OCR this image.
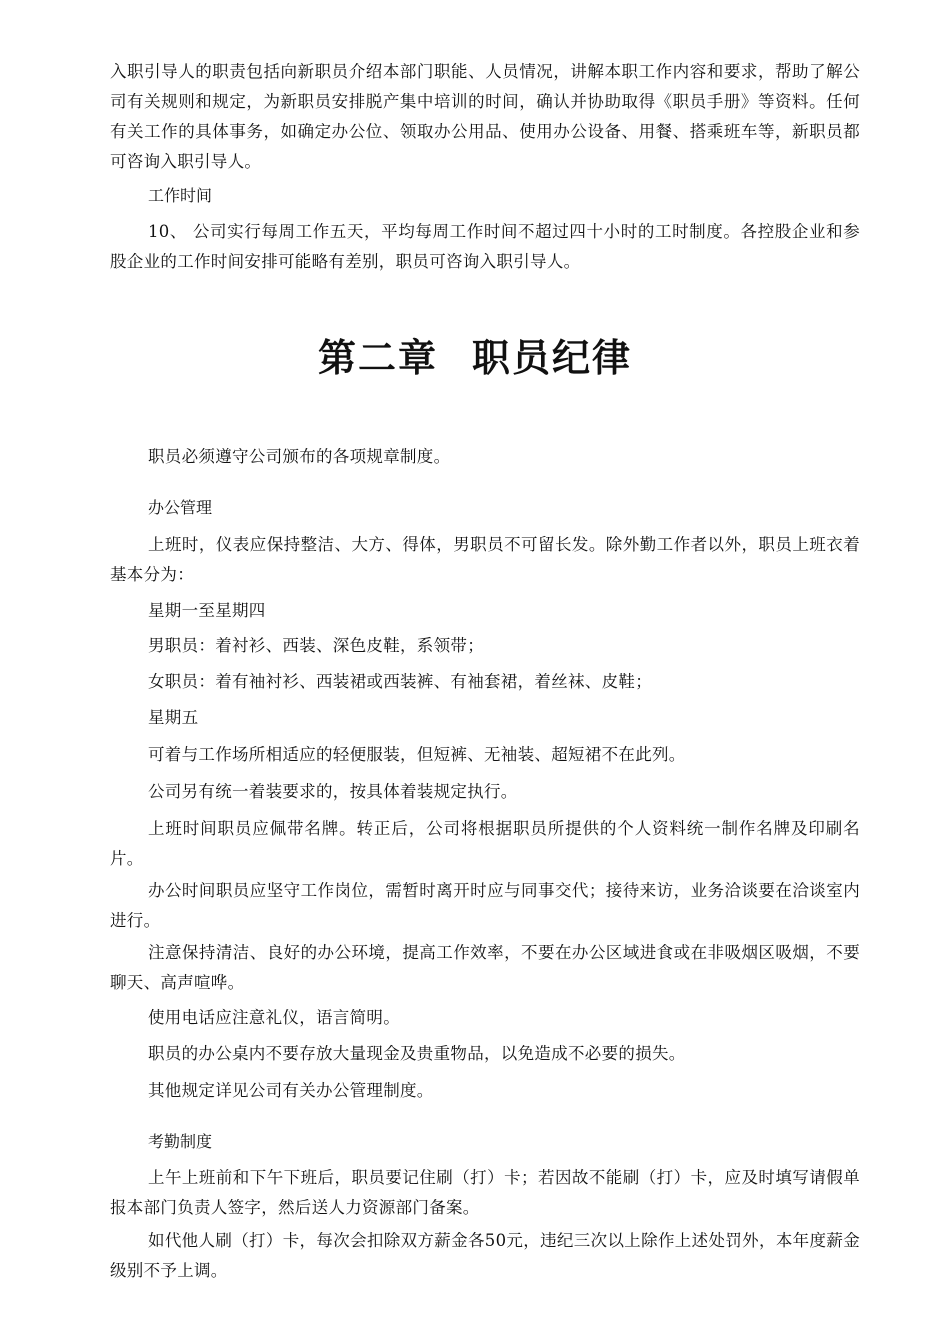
入职引导人的职责包括向新职员介绍本部门职能、人员情况，讲解本职工作内容和要求，帮助了解公司有关规则和规定，为新职员安排脱产集中培训的时间，确认并协助取得《职员手册》等资料。任何有关工作的具体事务，如确定办公位、领取办公用品、使用办公设备、用餐、搭乘班车等，新职员都可咨询入职引导人。

工作时间

10、 公司实行每周工作五天，平均每周工作时间不超过四十小时的工时制度。各控股企业和参股企业的工作时间安排可能略有差别，职员可咨询入职引导人。

第二章 职员纪律

职员必须遵守公司颁布的各项规章制度。

办公管理

上班时，仪表应保持整洁、大方、得体，男职员不可留长发。除外勤工作者以外，职员上班衣着基本分为：

星期一至星期四

男职员：着衬衫、西装、深色皮鞋，系领带；

女职员：着有袖衬衫、西装裙或西装裤、有袖套裙，着丝袜、皮鞋；

星期五

可着与工作场所相适应的轻便服装，但短裤、无袖装、超短裙不在此列。

公司另有统一着装要求的，按具体着装规定执行。

上班时间职员应佩带名牌。转正后，公司将根据职员所提供的个人资料统一制作名牌及印刷名片。

办公时间职员应坚守工作岗位，需暂时离开时应与同事交代；接待来访，业务洽谈要在洽谈室内进行。

注意保持清洁、良好的办公环境，提高工作效率，不要在办公区域进食或在非吸烟区吸烟，不要聊天、高声喧哗。

使用电话应注意礼仪，语言简明。

职员的办公桌内不要存放大量现金及贵重物品，以免造成不必要的损失。

其他规定详见公司有关办公管理制度。

考勤制度

上午上班前和下午下班后，职员要记住刷（打）卡；若因故不能刷（打）卡，应及时填写请假单报本部门负责人签字，然后送人力资源部门备案。

如代他人刷（打）卡，每次会扣除双方薪金各50元，违纪三次以上除作上述处罚外，本年度薪金级别不予上调。
